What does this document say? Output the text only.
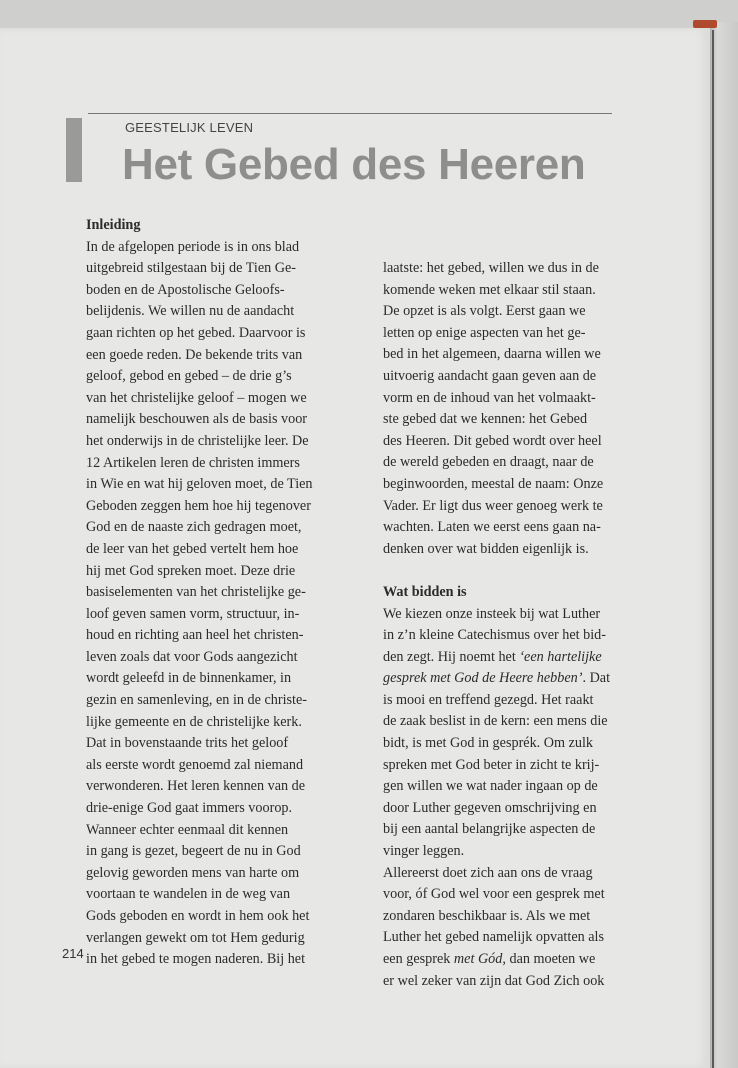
GEESTELIJK LEVEN
Het Gebed des Heeren
Inleiding
In de afgelopen periode is in ons blad
uitgebreid stilgestaan bij de Tien Ge-
boden en de Apostolische Geloofs-
belijdenis. We willen nu de aandacht
gaan richten op het gebed. Daarvoor is
een goede reden. De bekende trits van
geloof, gebod en gebed – de drie g’s
van het christelijke geloof – mogen we
namelijk beschouwen als de basis voor
het onderwijs in de christelijke leer. De
12 Artikelen leren de christen immers
in Wie en wat hij geloven moet, de Tien
Geboden zeggen hem hoe hij tegenover
God en de naaste zich gedragen moet,
de leer van het gebed vertelt hem hoe
hij met God spreken moet. Deze drie
basiselementen van het christelijke ge-
loof geven samen vorm, structuur, in-
houd en richting aan heel het christen-
leven zoals dat voor Gods aangezicht
wordt geleefd in de binnenkamer, in
gezin en samenleving, en in de christe-
lijke gemeente en de christelijke kerk.
Dat in bovenstaande trits het geloof
als eerste wordt genoemd zal niemand
verwonderen. Het leren kennen van de
drie-enige God gaat immers voorop.
Wanneer echter eenmaal dit kennen
in gang is gezet, begeert de nu in God
gelovig geworden mens van harte om
voortaan te wandelen in de weg van
Gods geboden en wordt in hem ook het
verlangen gewekt om tot Hem gedurig
in het gebed te mogen naderen. Bij het
laatste: het gebed, willen we dus in de
komende weken met elkaar stil staan.
De opzet is als volgt. Eerst gaan we
letten op enige aspecten van het ge-
bed in het algemeen, daarna willen we
uitvoerig aandacht gaan geven aan de
vorm en de inhoud van het volmaakt-
ste gebed dat we kennen: het Gebed
des Heeren. Dit gebed wordt over heel
de wereld gebeden en draagt, naar de
beginwoorden, meestal de naam: Onze
Vader. Er ligt dus weer genoeg werk te
wachten. Laten we eerst eens gaan na-
denken over wat bidden eigenlijk is.
Wat bidden is
We kiezen onze insteek bij wat Luther
in z’n kleine Catechismus over het bid-
den zegt. Hij noemt het ‘een hartelijke
gesprek met God de Heere hebben’. Dat
is mooi en treffend gezegd. Het raakt
de zaak beslist in de kern: een mens die
bidt, is met God in gesprék. Om zulk
spreken met God beter in zicht te krij-
gen willen we wat nader ingaan op de
door Luther gegeven omschrijving en
bij een aantal belangrijke aspecten de
vinger leggen.
Allereerst doet zich aan ons de vraag
voor, óf God wel voor een gesprek met
zondaren beschikbaar is. Als we met
Luther het gebed namelijk opvatten als
een gesprek met Gód, dan moeten we
er wel zeker van zijn dat God Zich ook
214
